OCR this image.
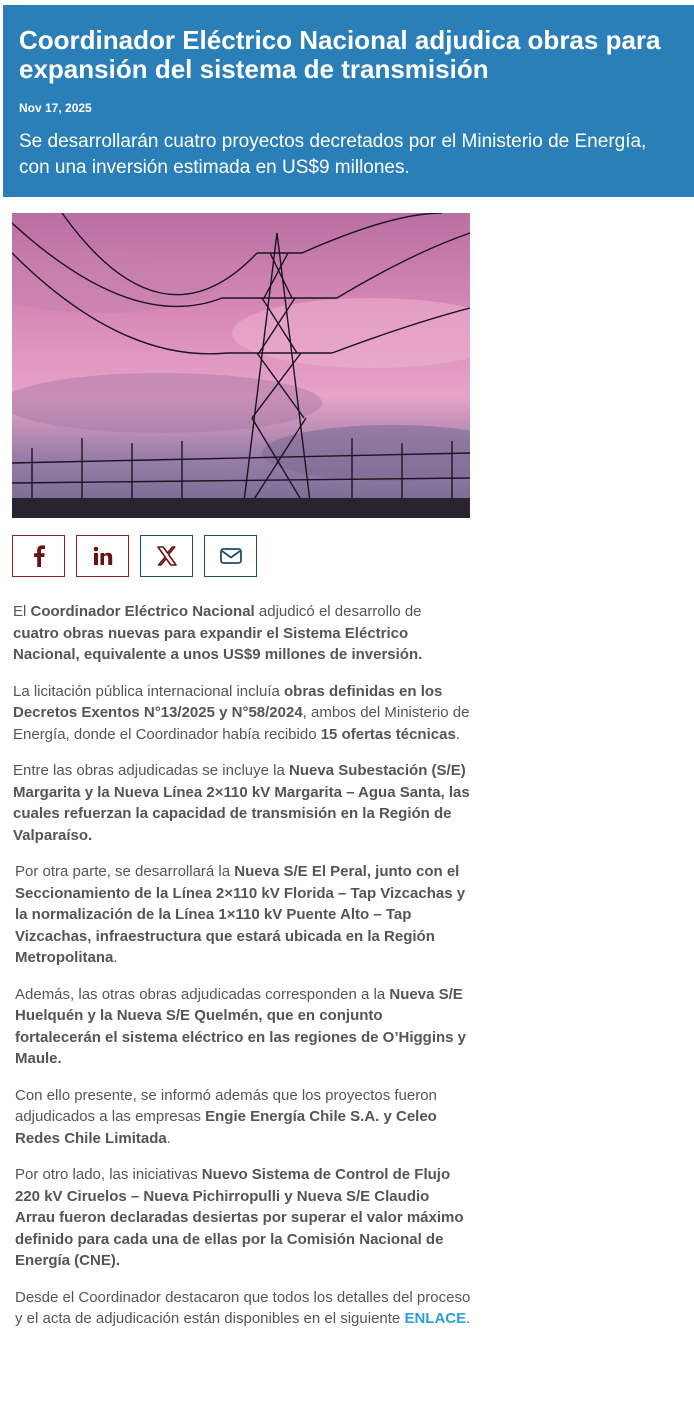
Coordinador Eléctrico Nacional adjudica obras para expansión del sistema de transmisión
Nov 17, 2025
Se desarrollarán cuatro proyectos decretados por el Ministerio de Energía, con una inversión estimada en US$9 millones.

El Coordinador Eléctrico Nacional adjudicó el desarrollo de cuatro obras nuevas para expandir el Sistema Eléctrico Nacional, equivalente a unos US$9 millones de inversión.

La licitación pública internacional incluía obras definidas en los Decretos Exentos N°13/2025 y N°58/2024, ambos del Ministerio de Energía, donde el Coordinador había recibido 15 ofertas técnicas.

Entre las obras adjudicadas se incluye la Nueva Subestación (S/E) Margarita y la Nueva Línea 2×110 kV Margarita – Agua Santa, las cuales refuerzan la capacidad de transmisión en la Región de Valparaíso.

Por otra parte, se desarrollará la Nueva S/E El Peral, junto con el Seccionamiento de la Línea 2×110 kV Florida – Tap Vizcachas y la normalización de la Línea 1×110 kV Puente Alto – Tap Vizcachas, infraestructura que estará ubicada en la Región Metropolitana.

Además, las otras obras adjudicadas corresponden a la Nueva S/E Huelquén y la Nueva S/E Quelmén, que en conjunto fortalecerán el sistema eléctrico en las regiones de O’Higgins y Maule.

Con ello presente, se informó además que los proyectos fueron adjudicados a las empresas Engie Energía Chile S.A. y Celeo Redes Chile Limitada.

Por otro lado, las iniciativas Nuevo Sistema de Control de Flujo 220 kV Ciruelos – Nueva Pichirropulli y Nueva S/E Claudio Arrau fueron declaradas desiertas por superar el valor máximo definido para cada una de ellas por la Comisión Nacional de Energía (CNE).

Desde el Coordinador destacaron que todos los detalles del proceso y el acta de adjudicación están disponibles en el siguiente ENLACE.
